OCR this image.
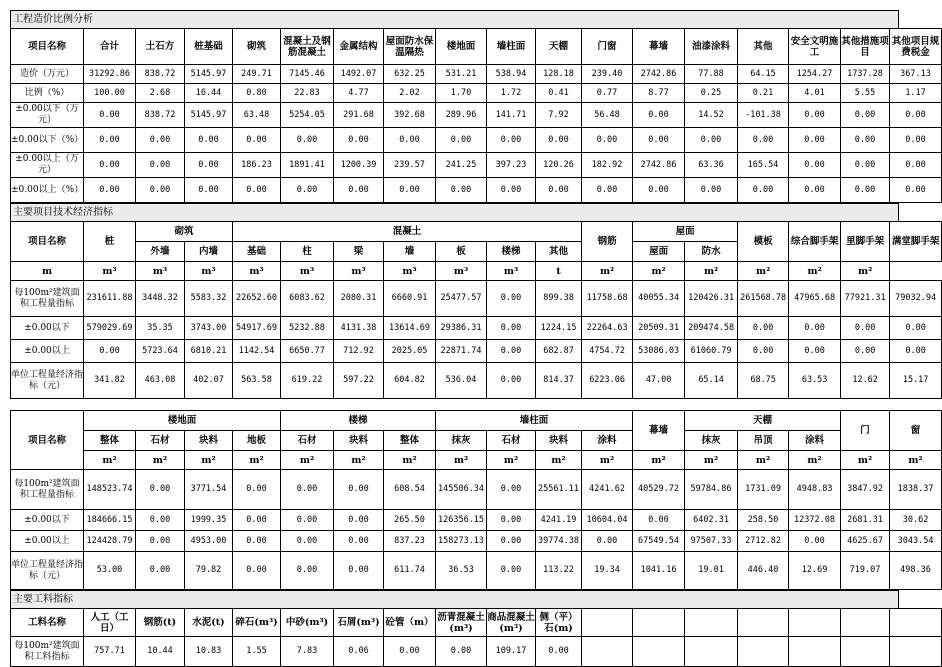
工程造价比例分析
项目名称	合计	土石方	桩基础	砌筑	混凝土及钢筋混凝土	金属结构	屋面防水保温隔热	楼地面	墙柱面	天棚	门窗	幕墙	油漆涂料	其他	安全文明施工	其他措施项目	其他项目规费税金
造价（万元）	31292.86	838.72	5145.97	249.71	7145.46	1492.07	632.25	531.21	538.94	128.18	239.40	2742.86	77.88	64.15	1254.27	1737.28	367.13
比例（%）	100.00	2.68	16.44	0.80	22.83	4.77	2.02	1.70	1.72	0.41	0.77	8.77	0.25	0.21	4.01	5.55	1.17
±0.00以下（万元）	0.00	838.72	5145.97	63.48	5254.05	291.68	392.68	289.96	141.71	7.92	56.48	0.00	14.52	-101.38	0.00	0.00	0.00
±0.00以下（%）	0.00	0.00	0.00	0.00	0.00	0.00	0.00	0.00	0.00	0.00	0.00	0.00	0.00	0.00	0.00	0.00	0.00
±0.00以上（万元）	0.00	0.00	0.00	186.23	1891.41	1200.39	239.57	241.25	397.23	120.26	182.92	2742.86	63.36	165.54	0.00	0.00	0.00
±0.00以上（%）	0.00	0.00	0.00	0.00	0.00	0.00	0.00	0.00	0.00	0.00	0.00	0.00	0.00	0.00	0.00	0.00	0.00
主要项目技术经济指标
项目名称	桩	砌筑		混凝土							钢筋	屋面		模板	综合脚手架	里脚手架	满堂脚手架
		外墙	内墙	基础	柱	梁	墙	板	楼梯	其他		屋面	防水				
m	m³	m³	m³	m³	m³	m³	m³	m³	m³	t	m²	m²	m²	m²	m²	m²	
每100m²建筑面积工程量指标	231611.88	3448.32	5583.32	22652.60	6083.62	2080.31	6660.91	25477.57	0.00	899.38	11758.68	40055.34	120426.31	261568.78	47965.68	77921.31	79032.94
±0.00以下	579029.69	35.35	3743.00	54917.69	5232.88	4131.38	13614.69	29386.31	0.00	1224.15	22264.63	20509.31	209474.58	0.00	0.00	0.00	0.00
±0.00以上	0.00	5723.64	6810.21	1142.54	6650.77	712.92	2025.05	22871.74	0.00	682.87	4754.72	53086.03	61060.79	0.00	0.00	0.00	0.00
单位工程量经济指标（元）	341.82	463.08	402.07	563.58	619.22	597.22	604.82	536.04	0.00	814.37	6223.06	47.00	65.14	68.75	63.53	12.62	15.17
项目名称	楼地面				楼梯			墙柱面				幕墙	天棚			门	窗
	整体	石材	块料	地板	石材	块料	整体	抹灰	石材	块料	涂料		抹灰	吊顶	涂料		
	m²	m²	m²	m²	m²	m²	m²	m²	m²	m²	m²	m²	m²	m²	m²	m²	m²
每100m²建筑面积工程量指标	148523.74	0.00	3771.54	0.00	0.00	0.00	608.54	145506.34	0.00	25561.11	4241.62	40529.72	59784.86	1731.09	4948.83	3847.92	1838.37
±0.00以下	184666.15	0.00	1999.35	0.00	0.00	0.00	265.50	126356.15	0.00	4241.19	10604.04	0.00	6402.31	258.50	12372.08	2681.31	30.62
±0.00以上	124428.79	0.00	4953.00	0.00	0.00	0.00	837.23	158273.13	0.00	39774.38	0.00	67549.54	97507.33	2712.82	0.00	4625.67	3043.54
单位工程量经济指标（元）	53.00	0.00	79.82	0.00	0.00	0.00	611.74	36.53	0.00	113.22	19.34	1041.16	19.01	446.40	12.69	719.07	498.36
主要工料指标
工料名称	人工（工日）	钢筋(t)	水泥(t)	碎石(m³)	中砂(m³)	石屑(m³)	砼管（m）	沥青混凝土(m³)	商品混凝土(m³)	侧（平）石(m)							
每100m²建筑面积工料指标	757.71	10.44	10.83	1.55	7.83	0.06	0.00	0.00	109.17	0.00							
